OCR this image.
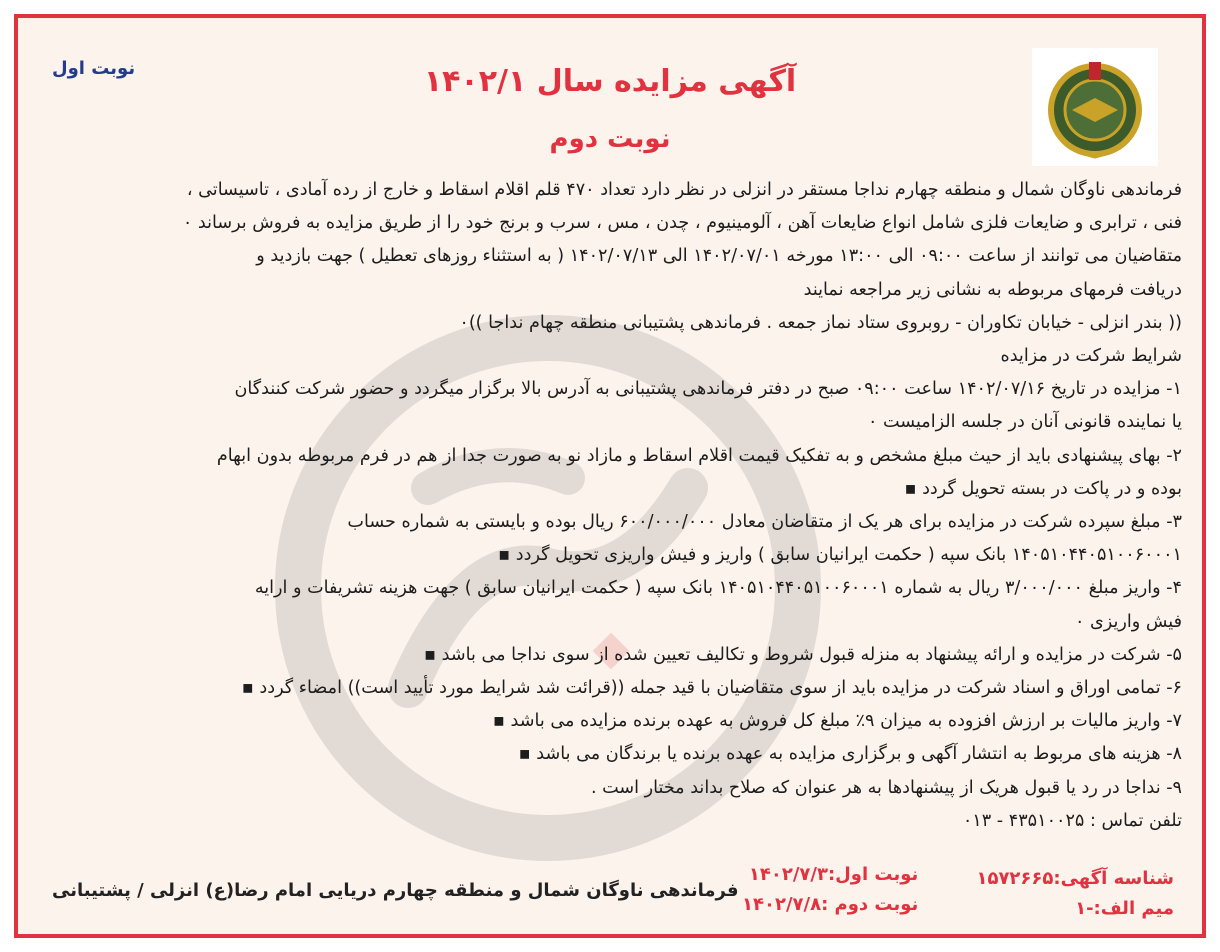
نوبت اول	آگهی مزایده سال ۱۴۰۲/۱
نوبت دوم

فرماندهی ناوگان شمال و منطقه چهارم نداجا مستقر در انزلی در نظر دارد تعداد ۴۷۰ قلم اقلام اسقاط و خارج از رده آمادی ، تاسیساتی ،

فنی ، ترابری و ضایعات فلزی شامل انواع ضایعات آهن ، آلومینیوم ، چدن ، مس ، سرب و برنج خود را از طریق مزایده به فروش برساند ۰

متقاضیان می توانند از ساعت ۰۹:۰۰ الی ۱۳:۰۰ مورخه ۱۴۰۲/۰۷/۰۱ الی ۱۴۰۲/۰۷/۱۳ ( به استثناء روزهای تعطیل ) جهت بازدید و

دریافت فرمهای مربوطه به نشانی زیر مراجعه نمایند

(( بندر انزلی - خیابان تکاوران - روبروی ستاد نماز جمعه . فرماندهی پشتیبانی منطقه چهام نداجا ))۰

شرایط شرکت در مزایده

۱- مزایده در تاریخ ۱۴۰۲/۰۷/۱۶ ساعت ۰۹:۰۰ صبح در دفتر فرماندهی پشتیبانی به آدرس بالا برگزار میگردد و حضور شرکت کنندگان

یا نماینده قانونی آنان در جلسه الزامیست ۰

۲- بهای پیشنهادی باید از حیث مبلغ مشخص و به تفکیک قیمت اقلام اسقاط و مازاد نو به صورت جدا از هم در فرم مربوطه بدون ابهام

بوده و در پاکت در بسته تحویل گردد ▪

۳- مبلغ سپرده شرکت در مزایده برای هر یک از متقاضان معادل ۶۰۰/۰۰۰/۰۰۰ ریال بوده و بایستی به شماره حساب

۱۴۰۵۱۰۴۴۰۵۱۰۰۶۰۰۰۱ بانک سپه ( حکمت ایرانیان سابق ) واریز و فیش واریزی تحویل گردد ▪

۴- واریز مبلغ ۳/۰۰۰/۰۰۰ ریال به شماره ۱۴۰۵۱۰۴۴۰۵۱۰۰۶۰۰۰۱ بانک سپه ( حکمت ایرانیان سابق ) جهت هزینه تشریفات و ارایه

فیش واریزی ۰

۵- شرکت در مزایده و ارائه پیشنهاد به منزله قبول شروط و تکالیف تعیین شده از سوی نداجا می باشد ▪

۶- تمامی اوراق و اسناد شرکت در مزایده باید از سوی متقاضیان با قید جمله ((قرائت شد شرایط مورد تأیید است)) امضاء گردد ▪

۷- واریز مالیات بر ارزش افزوده به میزان ۹٪ مبلغ کل فروش به عهده برنده مزایده می باشد ▪

۸- هزینه های مربوط به انتشار آگهی و برگزاری مزایده به عهده برنده یا برندگان می باشد ▪

۹- نداجا در رد یا قبول هریک از پیشنهادها به هر عنوان که صلاح بداند مختار است .

تلفن تماس : ۴۳۵۱۰۰۲۵ - ۰۱۳

فرماندهی ناوگان شمال و منطقه چهارم دریایی امام رضا(ع) انزلی / پشتیبانی
نوبت اول:۱۴۰۲/۷/۳
نوبت دوم :۱۴۰۲/۷/۸
شناسه آگهی:۱۵۷۲۶۶۵
میم الف:-۱
